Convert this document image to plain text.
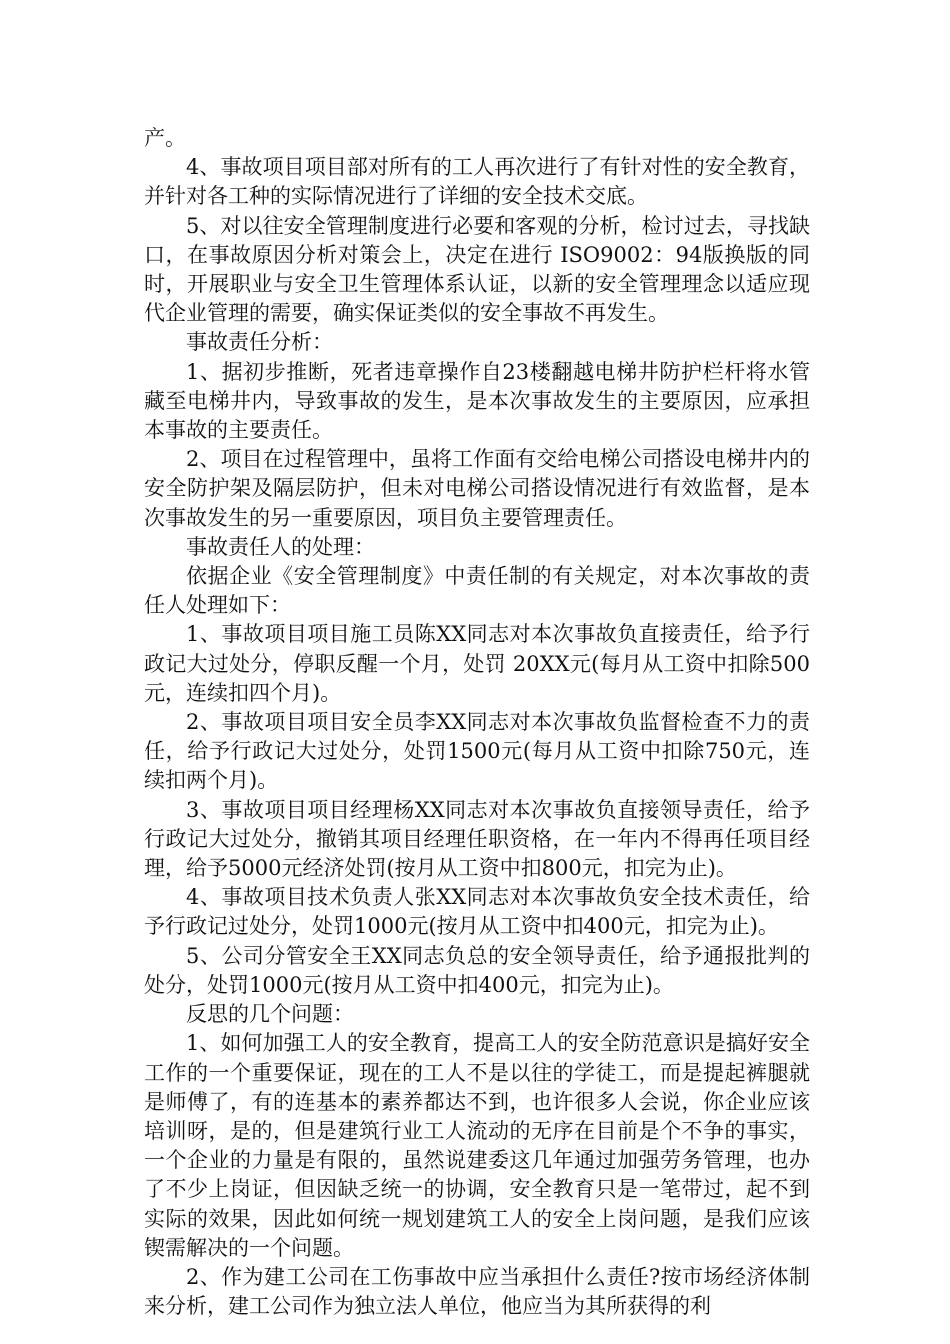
产。

4、事故项目项目部对所有的工人再次进行了有针对性的安全教育，并针对各工种的实际情况进行了详细的安全技术交底。

5、对以往安全管理制度进行必要和客观的分析，检讨过去，寻找缺口，在事故原因分析对策会上，决定在进行 ISO9002：94版换版的同时，开展职业与安全卫生管理体系认证，以新的安全管理理念以适应现代企业管理的需要，确实保证类似的安全事故不再发生。

事故责任分析：

1、据初步推断，死者违章操作自23楼翻越电梯井防护栏杆将水管藏至电梯井内，导致事故的发生，是本次事故发生的主要原因，应承担本事故的主要责任。

2、项目在过程管理中，虽将工作面有交给电梯公司搭设电梯井内的安全防护架及隔层防护，但未对电梯公司搭设情况进行有效监督，是本次事故发生的另一重要原因，项目负主要管理责任。

事故责任人的处理：

依据企业《安全管理制度》中责任制的有关规定，对本次事故的责任人处理如下：

1、事故项目项目施工员陈XX同志对本次事故负直接责任，给予行政记大过处分，停职反醒一个月，处罚 20XX元(每月从工资中扣除500元，连续扣四个月)。

2、事故项目项目安全员李XX同志对本次事故负监督检查不力的责任，给予行政记大过处分，处罚1500元(每月从工资中扣除750元，连续扣两个月)。

3、事故项目项目经理杨XX同志对本次事故负直接领导责任，给予行政记大过处分，撤销其项目经理任职资格，在一年内不得再任项目经理，给予5000元经济处罚(按月从工资中扣800元，扣完为止)。

4、事故项目技术负责人张XX同志对本次事故负安全技术责任，给予行政记过处分，处罚1000元(按月从工资中扣400元，扣完为止)。

5、公司分管安全王XX同志负总的安全领导责任，给予通报批判的处分，处罚1000元(按月从工资中扣400元，扣完为止)。

反思的几个问题：

1、如何加强工人的安全教育，提高工人的安全防范意识是搞好安全工作的一个重要保证，现在的工人不是以往的学徒工，而是提起裤腿就是师傅了，有的连基本的素养都达不到，也许很多人会说，你企业应该培训呀，是的，但是建筑行业工人流动的无序在目前是个不争的事实，一个企业的力量是有限的，虽然说建委这几年通过加强劳务管理，也办了不少上岗证，但因缺乏统一的协调，安全教育只是一笔带过，起不到实际的效果，因此如何统一规划建筑工人的安全上岗问题，是我们应该锲需解决的一个问题。

2、作为建工公司在工伤事故中应当承担什么责任?按市场经济体制来分析，建工公司作为独立法人单位，他应当为其所获得的利
